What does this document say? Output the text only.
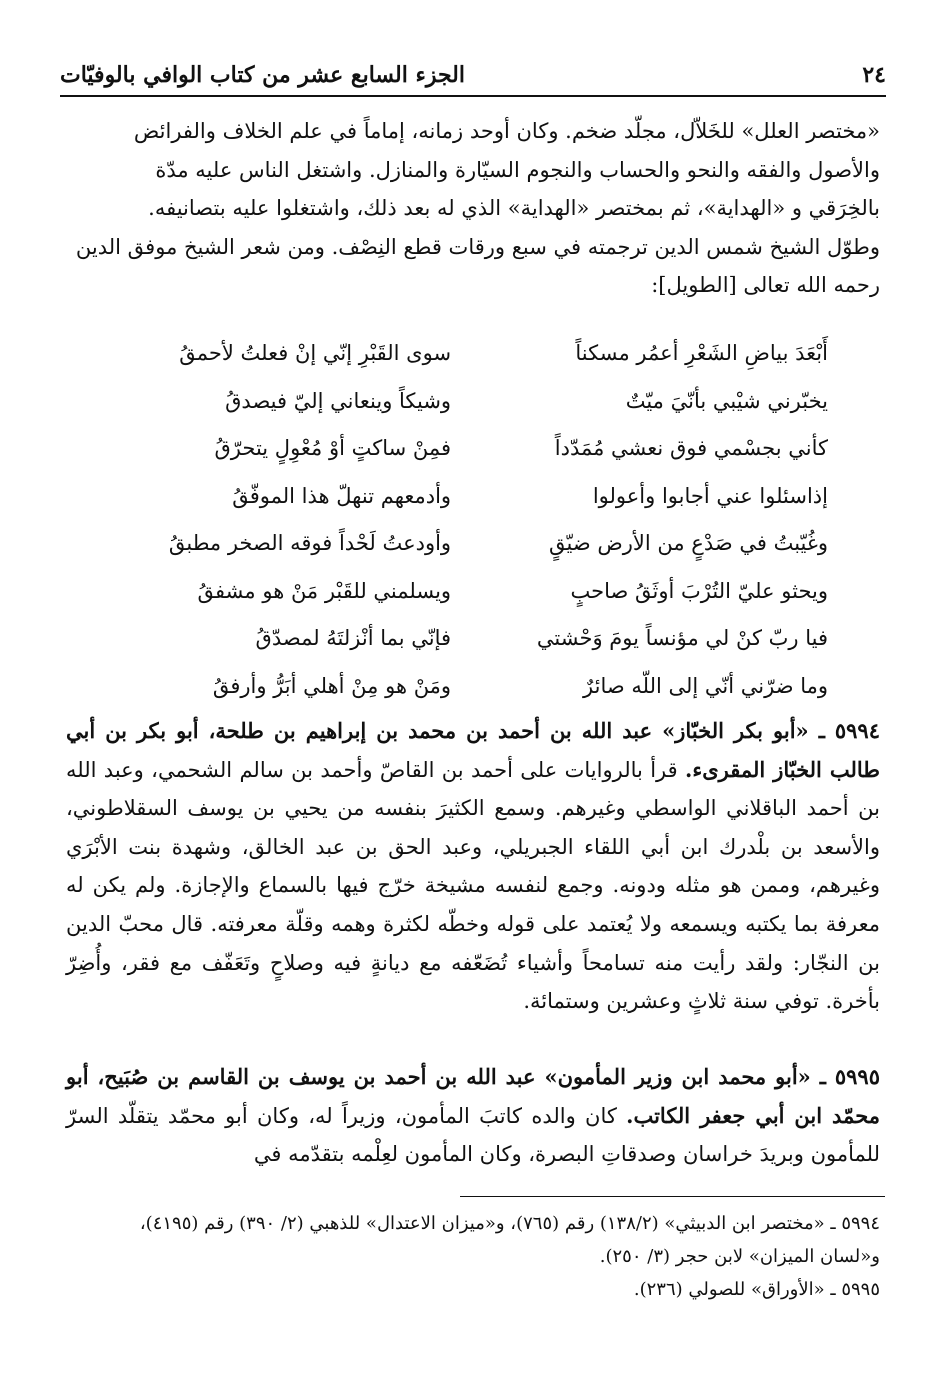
٢٤
الجزء السابع عشر من كتاب الوافي بالوفيّات

«مختصر العلل» للخَلاّل، مجلّد ضخم. وكان أوحد زمانه، إماماً في علم الخلاف والفرائض

والأصول والفقه والنحو والحساب والنجوم السيّارة والمنازل. واشتغل الناس عليه مدّة

بالخِرَقي و «الهداية»، ثم بمختصر «الهداية» الذي له بعد ذلك، واشتغلوا عليه بتصانيفه.

وطوّل الشيخ شمس الدين ترجمته في سبع ورقات قطع النِصْف. ومن شعر الشيخ موفق الدين

رحمه الله تعالى [الطويل]:

أَبْعَدَ بياضِ الشَعْرِ أعمُر مسكناً
سوى القَبْرِ إنّي إنْ فعلتُ لأحمقُ
يخبّرني شيْبي بأنّيَ ميّتٌ
وشيكاً وينعاني إليّ فيصدقُ
كأني بجسْمي فوق نعشي مُمَدّداً
فمِنْ ساكتٍ أوْ مُعْوِلٍ يتحرّقُ
إذاسئلوا عني أجابوا وأعولوا
وأدمعهم تنهلّ هذا الموفّقُ
وغُيّبتُ في صَدْعٍ من الأرض ضيّقٍ
وأودعتُ لَحْداً فوقه الصخر مطبقُ
ويحثو عليّ التُرْبَ أوثَقُ صاحبٍ
ويسلمني للقَبْر مَنْ هو مشفقُ
فيا ربّ كنْ لي مؤنساً يومَ وَحْشتي
فإنّي بما أنْزلتَهُ لمصدّقُ
وما ضرّني أنّي إلى اللّه صائرٌ
ومَنْ هو مِنْ أهلي أبَرُّ وأرفقُ
٥٩٩٤ ـ «أبو بكر الخبّاز» عبد الله بن أحمد بن محمد بن إبراهيم بن طلحة، أبو بكر بن أبي طالب الخبّاز المقرىء. قرأ بالروايات على أحمد بن القاصّ وأحمد بن سالم الشحمي، وعبد الله بن أحمد الباقلاني الواسطي وغيرهم. وسمع الكثيرَ بنفسه من يحيي بن يوسف السقلاطوني، والأسعد بن بلْدرك ابن أبي اللقاء الجبريلي، وعبد الحق بن عبد الخالق، وشهدة بنت الأبْرَي وغيرهم، وممن هو مثله ودونه. وجمع لنفسه مشيخة خرّج فيها بالسماع والإجازة. ولم يكن له معرفة بما يكتبه ويسمعه ولا يُعتمد على قوله وخطّه لكثرة وهمه وقلّة معرفته. قال محبّ الدين بن النجّار: ولقد رأيت منه تسامحاً وأشياء تُضَعّفه مع ديانةٍ فيه وصلاحٍ وتَعَفّف مع فقر، وأُضِرّ بأخرة. توفي سنة ثلاثٍ وعشرين وستمائة.
٥٩٩٥ ـ «أبو محمد ابن وزير المأمون» عبد الله بن أحمد بن يوسف بن القاسم بن صُبَيح، أبو محمّد ابن أبي جعفر الكاتب. كان والده كاتبَ المأمون، وزيراً له، وكان أبو محمّد يتقلّد السرّ للمأمون وبريدَ خراسان وصدقاتِ البصرة، وكان المأمون لعِلْمه بتقدّمه في

٥٩٩٤ ـ «مختصر ابن الدبيثي» (١٣٨/٢) رقم (٧٦٥)، و«ميزان الاعتدال» للذهبي (٢/ ٣٩٠) رقم (٤١٩٥)،

و«لسان الميزان» لابن حجر (٣/ ٢٥٠).

٥٩٩٥ ـ «الأوراق» للصولي (٢٣٦).
